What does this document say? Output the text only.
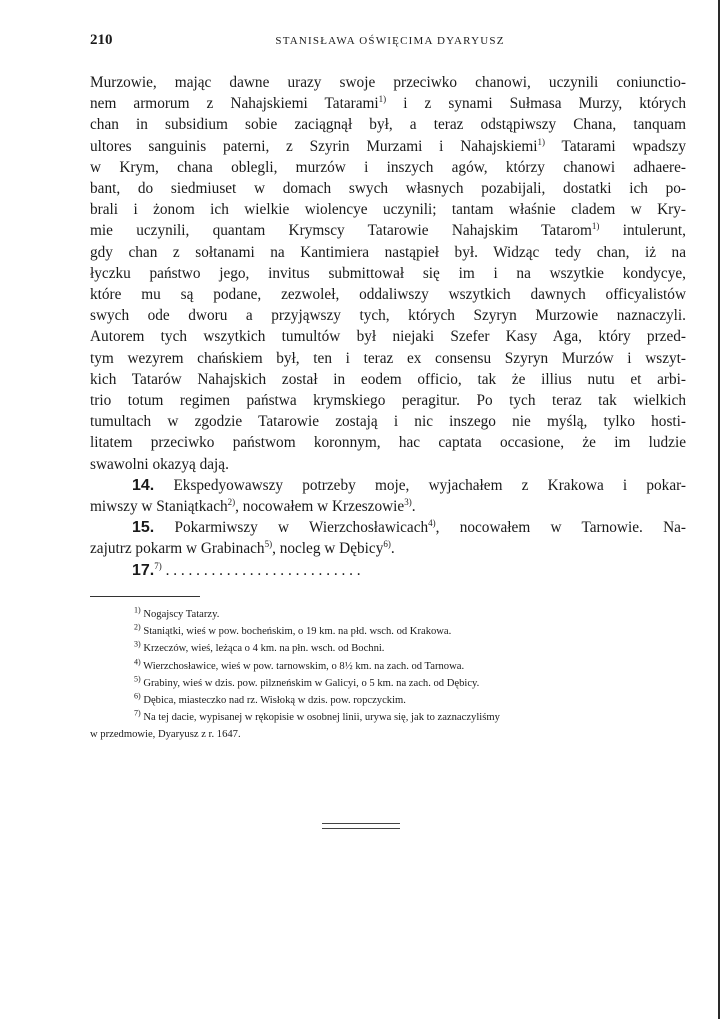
210	STANISŁAWA OŚWIĘCIMA DYARYUSZ
Murzowie, mając dawne urazy swoje przeciwko chanowi, uczynili coniunctio-
nem armorum z Nahajskiemi Tatarami$^{1)}$ i z synami Sułmasa Murzy, których
chan in subsidium sobie zaciągnął był, a teraz odstąpiwszy Chana, tanquam
ultores sanguinis paterni, z Szyrin Murzami i Nahajskiemi$^{1)}$ Tatarami wpadszy
w Krym, chana oblegli, murzów i inszych agów, którzy chanowi adhaere-
bant, do siedmiuset w domach swych własnych pozabijali, dostatki ich po-
brali i żonom ich wielkie wiolencye uczynili; tantam właśnie cladem w Kry-
mie uczynili, quantam Krymscy Tatarowie Nahajskim Tatarom$^{1)}$ intulerunt,
gdy chan z sołtanami na Kantimiera nastąpieł był. Widząc tedy chan, iż na
łyczku państwo jego, invitus submittował się im i na wszytkie kondycye,
które mu są podane, zezwoleł, oddaliwszy wszytkich dawnych officyalistów
swych ode dworu a przyjąwszy tych, których Szyryn Murzowie naznaczyli.
Autorem tych wszytkich tumultów był niejaki Szefer Kasy Aga, który przed-
tym wezyrem chańskiem był, ten i teraz ex consensu Szyryn Murzów i wszyt-
kich Tatarów Nahajskich został in eodem officio, tak że illius nutu et arbi-
trio totum regimen państwa krymskiego peragitur. Po tych teraz tak wielkich
tumultach w zgodzie Tatarowie zostają i nic inszego nie myślą, tylko hosti-
litatem przeciwko państwom koronnym, hac captata occasione, że im ludzie
swawolni okazyą dają.
14. Ekspedyowawszy potrzeby moje, wyjachałem z Krakowa i pokar-
miwszy w Staniątkach$^{2)}$, nocowałem w Krzeszowie$^{3)}$.
15. Pokarmiwszy w Wierzchosławicach$^{4)}$, nocowałem w Tarnowie. Na-
zajutrz pokarm w Grabinach$^{5)}$, nocleg w Dębicy$^{6)}$.
17.$^{7)}$ . . . . . . . . . . . . . . . . . . . . . . . . . .
$^{1)}$ Nogajscy Tatarzy.
$^{2)}$ Staniątki, wieś w pow. bocheńskim, o 19 km. na płd. wsch. od Krakowa.
$^{3)}$ Krzeczów, wieś, leżąca o 4 km. na płn. wsch. od Bochni.
$^{4)}$ Wierzchosławice, wieś w pow. tarnowskim, o 8½ km. na zach. od Tarnowa.
$^{5)}$ Grabiny, wieś w dzis. pow. pilzneńskim w Galicyi, o 5 km. na zach. od Dębicy.
$^{6)}$ Dębica, miasteczko nad rz. Wisłoką w dzis. pow. ropczyckim.
$^{7)}$ Na tej dacie, wypisanej w rękopisie w osobnej linii, urywa się, jak to zaznaczyliśmy
w przedmowie, Dyaryusz z r. 1647.
